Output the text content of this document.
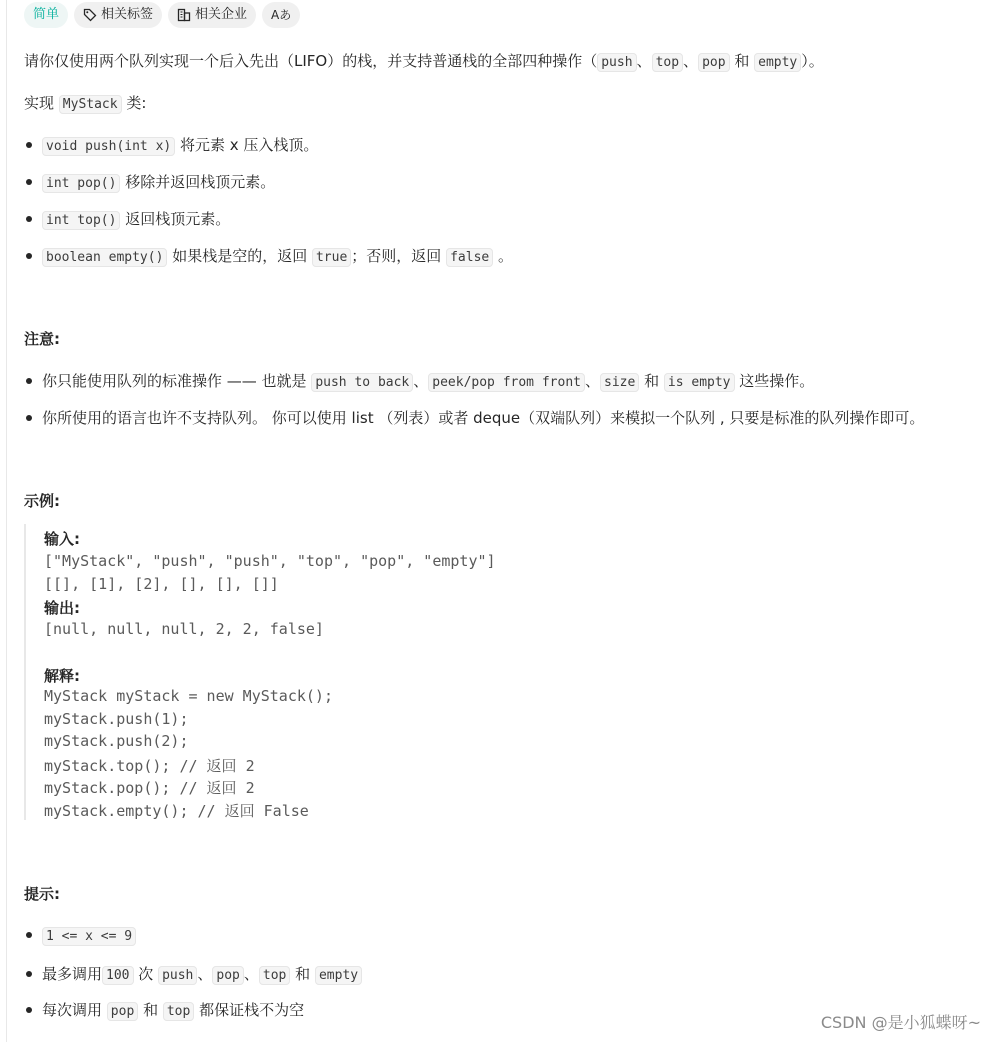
简单	相关标签	相关企业 Aあ
请你仅使用两个队列实现一个后入先出（LIFO）的栈，并支持普通栈的全部四种操作（ push 、 top 、 pop 和 empty ）。
实现 MyStack 类:
void push(int x) 将元素 x 压入栈顶。
int pop() 移除并返回栈顶元素。
int top() 返回栈顶元素。
boolean empty() 如果栈是空的，返回 true ；否则，返回 false 。
注意:
你只能使用队列的标准操作 —— 也就是 push to back 、 peek/pop from front 、 size 和 is empty 这些操作。
你所使用的语言也许不支持队列。 你可以使用 list （列表）或者 deque（双端队列）来模拟一个队列 , 只要是标准的队列操作即可。
示例:
输入:
["MyStack", "push", "push", "top", "pop", "empty"]
[[], [1], [2], [], [], []]
输出:
[null, null, null, 2, 2, false]
解释:
MyStack myStack = new MyStack();
myStack.push(1);
myStack.push(2);
myStack.top(); // 返回 2
myStack.pop(); // 返回 2
myStack.empty(); // 返回 False
提示:
1 <= x <= 9
最多调用 100 次 push 、 pop 、 top 和 empty
每次调用 pop 和 top 都保证栈不为空
CSDN @是小狐蝶呀~
